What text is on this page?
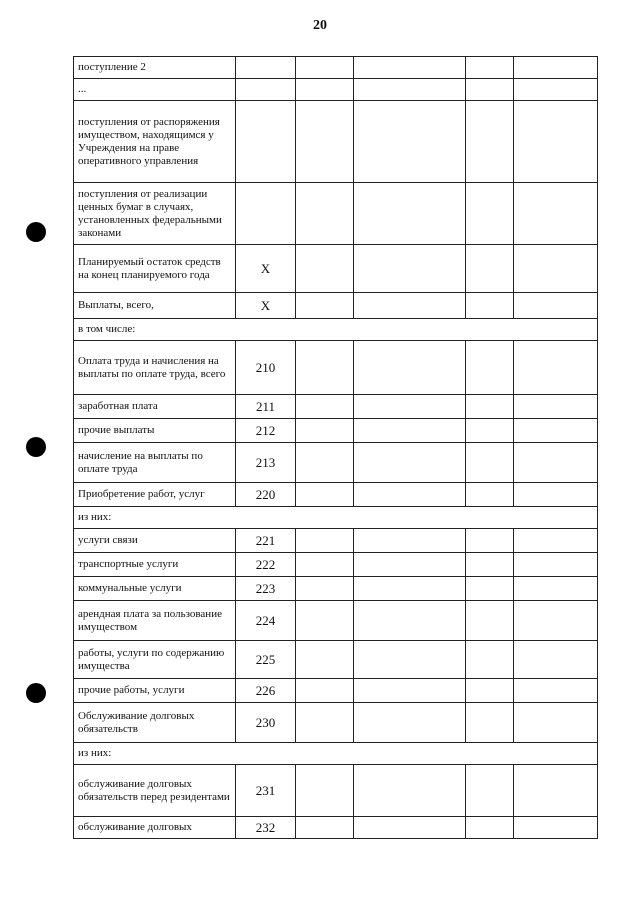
20
поступление 2					
...					
поступления от распоряжения имуществом, находящимся у Учреждения на праве оперативного управления					
поступления от реализации ценных бумаг в случаях, установленных федеральными законами					
Планируемый остаток средств на конец планируемого года	X				
Выплаты, всего,	X				
в том числе:					
Оплата труда и начисления на выплаты по оплате труда, всего	210				
заработная плата	211				
прочие выплаты	212				
начисление на выплаты по оплате труда	213				
Приобретение работ, услуг	220				
из них:					
услуги связи	221				
транспортные услуги	222				
коммунальные услуги	223				
арендная плата за пользование имуществом	224				
работы, услуги по содержанию имущества	225				
прочие работы, услуги	226				
Обслуживание долговых обязательств	230				
из них:					
обслуживание долговых обязательств перед резидентами	231				
обслуживание долговых	232				
